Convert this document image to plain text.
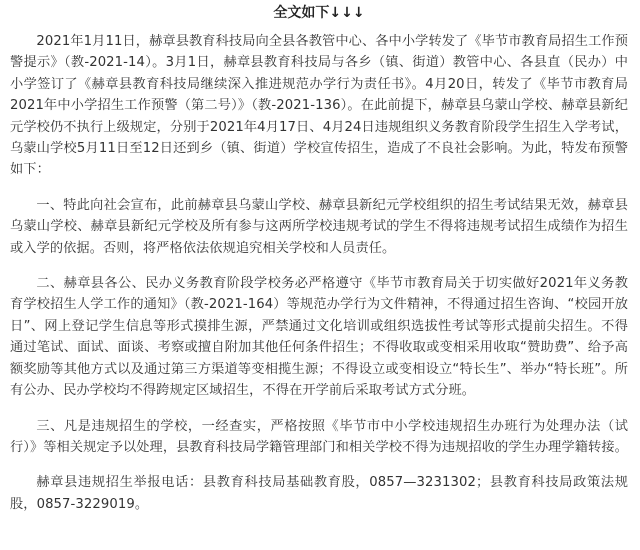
全文如下↓↓↓

2021年1月11日，赫章县教育科技局向全县各教管中心、各中小学转发了《毕节市教育局招生工作预警提示》（教-2021-14）。3月1日，赫章县教育科技局与各乡（镇、街道）教管中心、各县直（民办）中小学签订了《赫章县教育科技局继续深入推进规范办学行为责任书》。4月20日，转发了《毕节市教育局2021年中小学招生工作预警（第二号）》（教-2021-136）。在此前提下，赫章县乌蒙山学校、赫章县新纪元学校仍不执行上级规定，分别于2021年4月17日、4月24日违规组织义务教育阶段学生招生入学考试，乌蒙山学校5月11日至12日还到乡（镇、街道）学校宣传招生，造成了不良社会影响。为此，特发布预警如下：

一、特此向社会宣布，此前赫章县乌蒙山学校、赫章县新纪元学校组织的招生考试结果无效，赫章县乌蒙山学校、赫章县新纪元学校及所有参与这两所学校违规考试的学生不得将违规考试招生成绩作为招生或入学的依据。否则，将严格依法依规追究相关学校和人员责任。

二、赫章县各公、民办义务教育阶段学校务必严格遵守《毕节市教育局关于切实做好2021年义务教育学校招生人学工作的通知》（教-2021-164）等规范办学行为文件精神，不得通过招生咨询、“校园开放日”、网上登记学生信息等形式摸排生源，严禁通过文化培训或组织选拔性考试等形式提前尖招生。不得通过笔试、面试、面谈、考察或擅自附加其他任何条件招生；不得收取或变相采用收取“赞助费”、给予高额奖励等其他方式以及通过第三方渠道等变相揽生源；不得设立或变相设立“特长生”、举办“特长班”。所有公办、民办学校均不得跨规定区域招生，不得在开学前后采取考试方式分班。

三、凡是违规招生的学校，一经查实，严格按照《毕节市中小学校违规招生办班行为处理办法（试行）》等相关规定予以处理，县教育科技局学籍管理部门和相关学校不得为违规招收的学生办理学籍转接。

赫章县违规招生举报电话：县教育科技局基础教育股，0857—3231302；县教育科技局政策法规股，0857-3229019。
